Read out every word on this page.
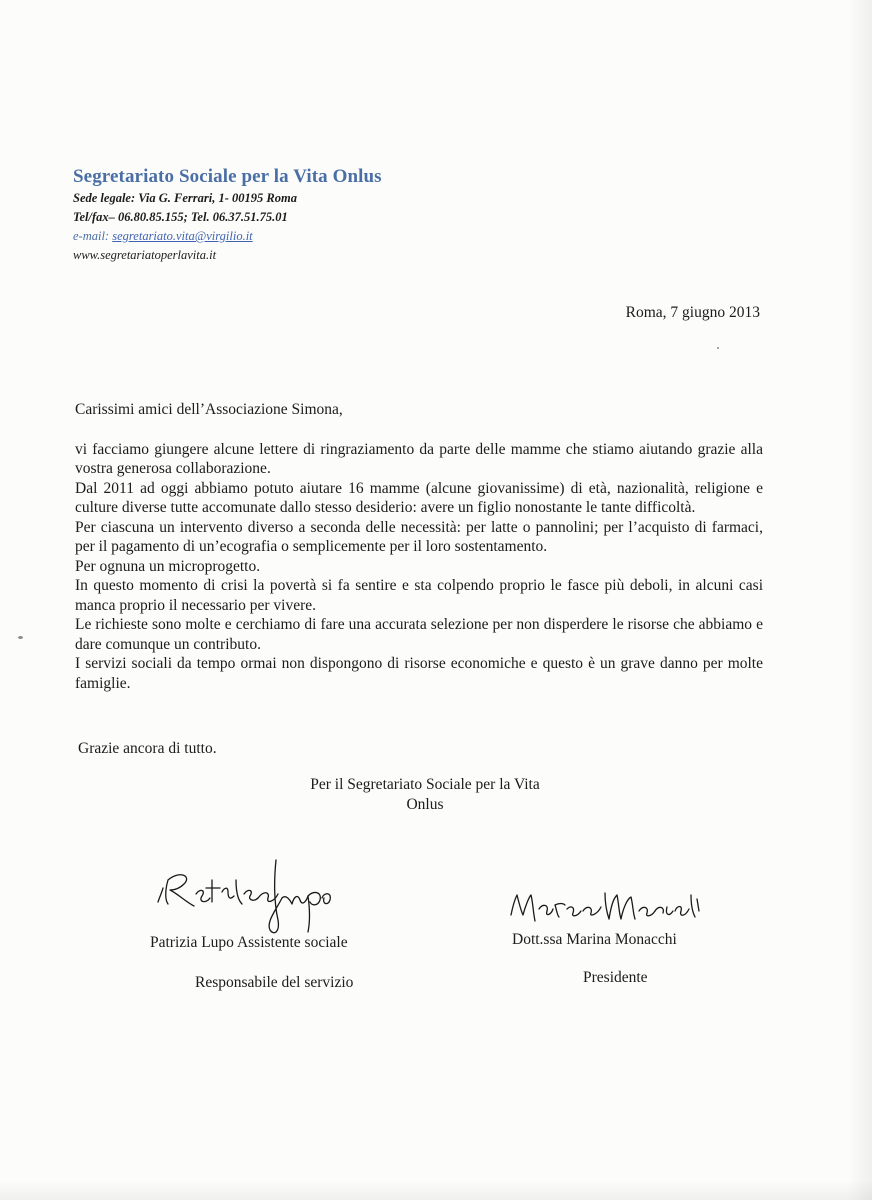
Segretariato Sociale per la Vita Onlus
Sede legale: Via G. Ferrari, 1- 00195 Roma
Tel/fax– 06.80.85.155; Tel. 06.37.51.75.01
e-mail: segretariato.vita@virgilio.it
www.segretariatoperlavita.it
Roma, 7 giugno 2013

Carissimi amici dell’Associazione Simona,

vi facciamo giungere alcune lettere di ringraziamento da parte delle mamme che stiamo aiutando grazie alla vostra generosa collaborazione.

Dal 2011 ad oggi abbiamo potuto aiutare 16 mamme (alcune giovanissime) di età, nazionalità, religione e culture diverse tutte accomunate dallo stesso desiderio: avere un figlio nonostante le tante difficoltà.

Per ciascuna un intervento diverso a seconda delle necessità: per latte o pannolini; per l’acquisto di farmaci, per il pagamento di un’ecografia o semplicemente per il loro sostentamento.

Per ognuna un microprogetto.

In questo momento di crisi la povertà si fa sentire e sta colpendo proprio le fasce più deboli, in alcuni casi manca proprio il necessario per vivere.

Le richieste sono molte e cerchiamo di fare una accurata selezione per non disperdere le risorse che abbiamo e dare comunque un contributo.

I servizi sociali da tempo ormai non dispongono di risorse economiche e questo è un grave danno per molte famiglie.

Grazie ancora di tutto.
Per il Segretariato Sociale per la Vita
Onlus
Patrizia Lupo Assistente sociale
Responsabile del servizio
Dott.ssa Marina Monacchi
Presidente
